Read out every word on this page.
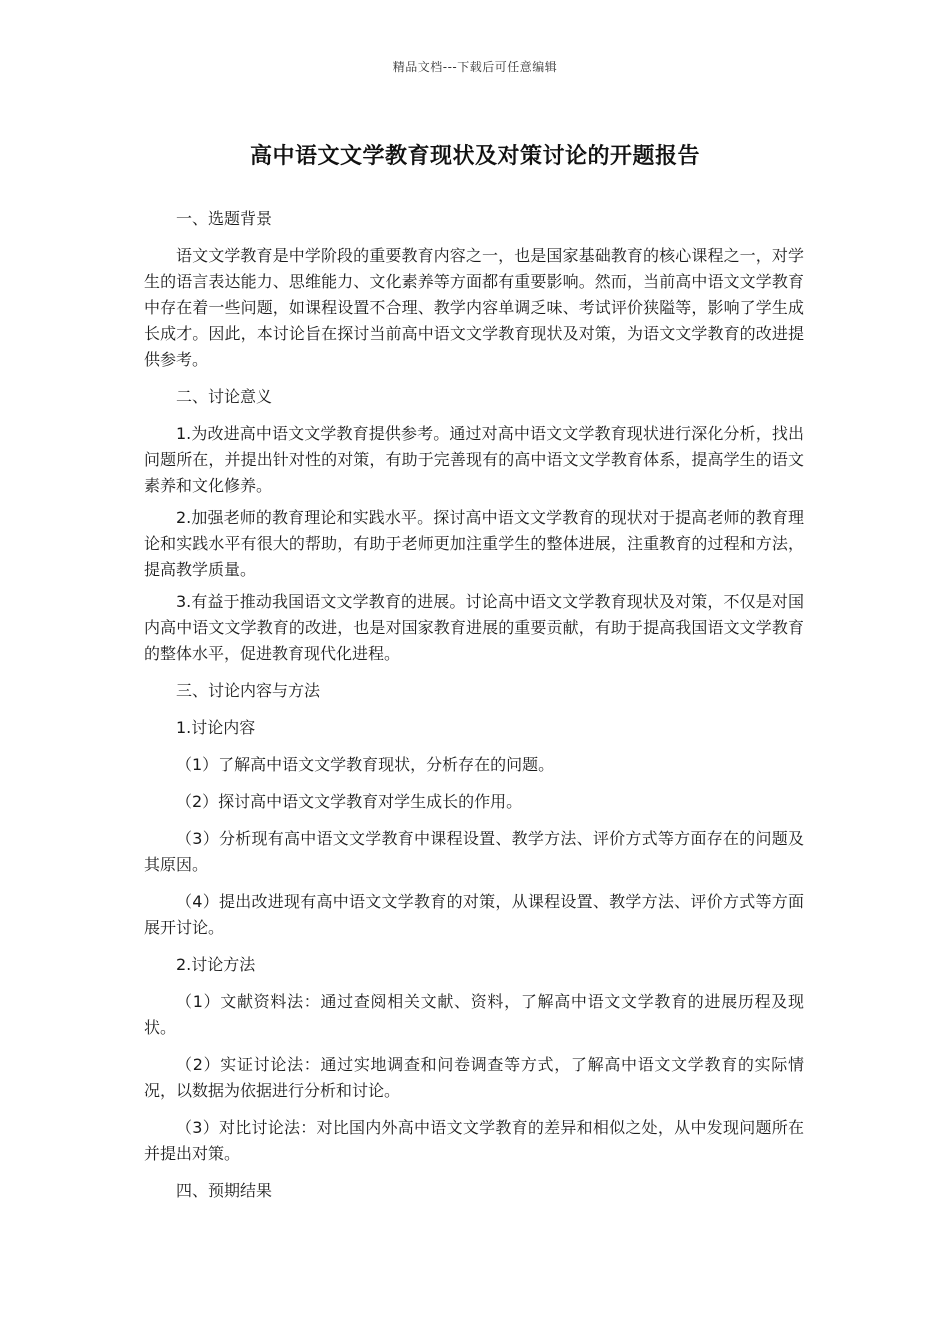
精品文档---下载后可任意编辑
高中语文文学教育现状及对策讨论的开题报告
一、选题背景

语文文学教育是中学阶段的重要教育内容之一，也是国家基础教育的核心课程之一，对学生的语言表达能力、思维能力、文化素养等方面都有重要影响。然而，当前高中语文文学教育中存在着一些问题，如课程设置不合理、教学内容单调乏味、考试评价狭隘等，影响了学生成长成才。因此，本讨论旨在探讨当前高中语文文学教育现状及对策，为语文文学教育的改进提供参考。

二、讨论意义

1.为改进高中语文文学教育提供参考。通过对高中语文文学教育现状进行深化分析，找出问题所在，并提出针对性的对策，有助于完善现有的高中语文文学教育体系，提高学生的语文素养和文化修养。

2.加强老师的教育理论和实践水平。探讨高中语文文学教育的现状对于提高老师的教育理论和实践水平有很大的帮助，有助于老师更加注重学生的整体进展，注重教育的过程和方法，提高教学质量。

3.有益于推动我国语文文学教育的进展。讨论高中语文文学教育现状及对策，不仅是对国内高中语文文学教育的改进，也是对国家教育进展的重要贡献，有助于提高我国语文文学教育的整体水平，促进教育现代化进程。

三、讨论内容与方法
1.讨论内容

（1）了解高中语文文学教育现状，分析存在的问题。

（2）探讨高中语文文学教育对学生成长的作用。

（3）分析现有高中语文文学教育中课程设置、教学方法、评价方式等方面存在的问题及其原因。

（4）提出改进现有高中语文文学教育的对策，从课程设置、教学方法、评价方式等方面展开讨论。

2.讨论方法

（1）文献资料法：通过查阅相关文献、资料，了解高中语文文学教育的进展历程及现状。

（2）实证讨论法：通过实地调查和问卷调查等方式，了解高中语文文学教育的实际情况，以数据为依据进行分析和讨论。

（3）对比讨论法：对比国内外高中语文文学教育的差异和相似之处，从中发现问题所在并提出对策。

四、预期结果
